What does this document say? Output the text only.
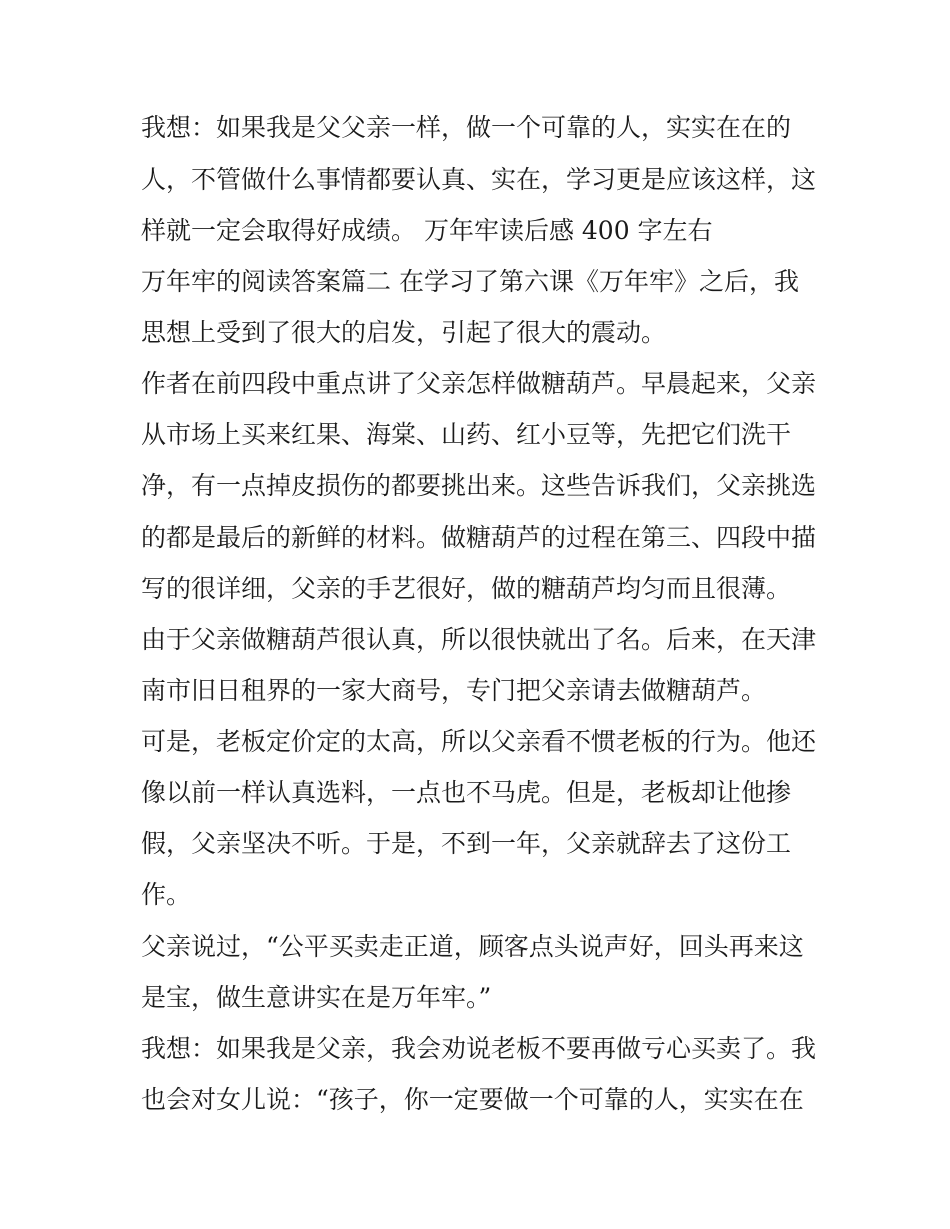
我想：如果我是父父亲一样，做一个可靠的人，实实在在的
人，不管做什么事情都要认真、实在，学习更是应该这样，这
样就一定会取得好成绩。 万年牢读后感 400 字左右
万年牢的阅读答案篇二 在学习了第六课《万年牢》之后，我
思想上受到了很大的启发，引起了很大的震动。
作者在前四段中重点讲了父亲怎样做糖葫芦。早晨起来，父亲
从市场上买来红果、海棠、山药、红小豆等，先把它们洗干
净，有一点掉皮损伤的都要挑出来。这些告诉我们，父亲挑选
的都是最后的新鲜的材料。做糖葫芦的过程在第三、四段中描
写的很详细，父亲的手艺很好，做的糖葫芦均匀而且很薄。
由于父亲做糖葫芦很认真，所以很快就出了名。后来，在天津
南市旧日租界的一家大商号，专门把父亲请去做糖葫芦。
可是，老板定价定的太高，所以父亲看不惯老板的行为。他还
像以前一样认真选料，一点也不马虎。但是，老板却让他掺
假，父亲坚决不听。于是，不到一年，父亲就辞去了这份工
作。
父亲说过，“公平买卖走正道，顾客点头说声好，回头再来这
是宝，做生意讲实在是万年牢。”
我想：如果我是父亲，我会劝说老板不要再做亏心买卖了。我
也会对女儿说：“孩子，你一定要做一个可靠的人，实实在在
